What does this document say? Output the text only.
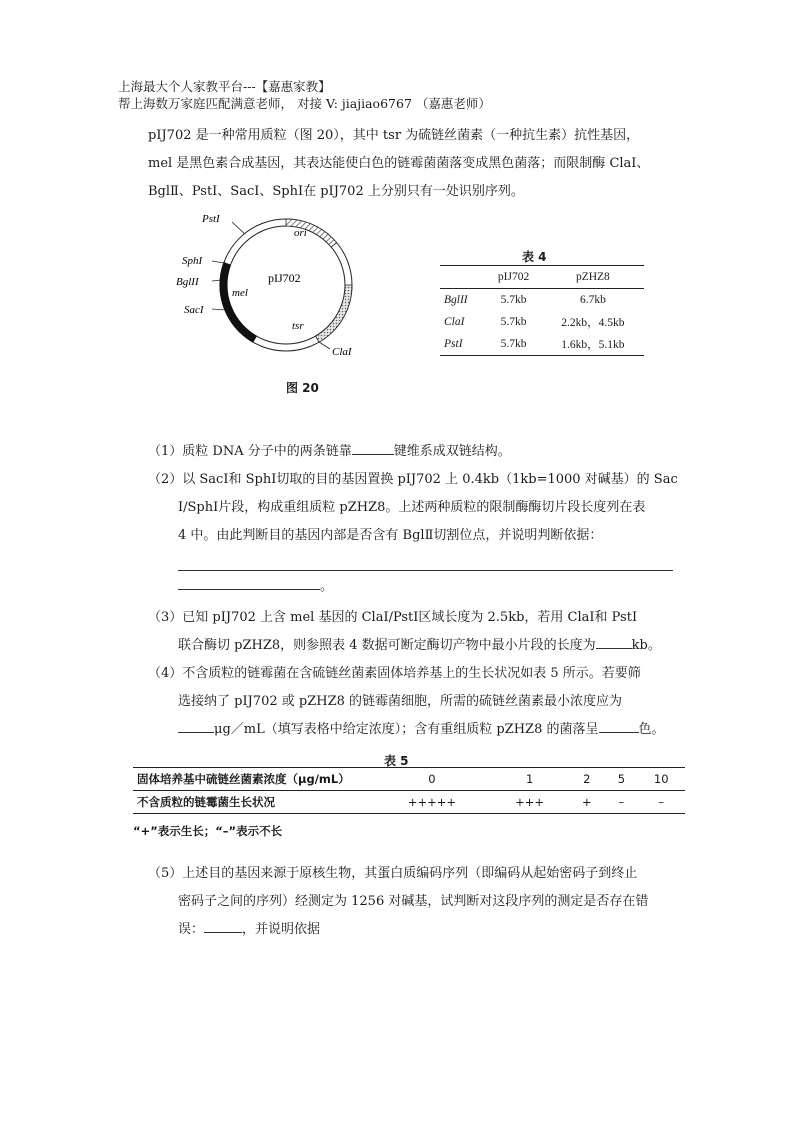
上海最大个人家教平台---【嘉惠家教】
帮上海数万家庭匹配满意老师， 对接 V: jiajiao6767 （嘉惠老师）

pIJ702 是一种常用质粒（图 20），其中 tsr 为硫链丝菌素（一种抗生素）抗性基因，

mel 是黑色素合成基因，其表达能使白色的链霉菌菌落变成黑色菌落；而限制酶 ClaⅠ、

BglⅡ、PstⅠ、SacⅠ、SphⅠ在 pIJ702 上分别只有一处识别序列。

PstI
ori
pIJ702
SphI
BglII
mel
SacI
tsr
ClaI
图 20
表 4
	pIJ702	pZHZ8
BglII	5.7kb	6.7kb
ClaI	5.7kb	2.2kb，4.5kb
PstI	5.7kb	1.6kb，5.1kb

（1）质粒 DNA 分子中的两条链靠	键维系成双链结构。

（2）以 SacⅠ和 SphⅠ切取的目的基因置换 pIJ702 上 0.4kb（1kb=1000 对碱基）的 Sac

Ⅰ/SphⅠ片段，构成重组质粒 pZHZ8。上述两种质粒的限制酶酶切片段长度列在表

4 中。由此判断目的基因内部是否含有 BglⅡ切割位点，并说明判断依据：

。

（3）已知 pIJ702 上含 mel 基因的 ClaⅠ/PstⅠ区域长度为 2.5kb，若用 ClaⅠ和 PstⅠ

联合酶切 pZHZ8，则参照表 4 数据可断定酶切产物中最小片段的长度为	kb。

（4）不含质粒的链霉菌在含硫链丝菌素固体培养基上的生长状况如表 5 所示。若要筛

选接纳了 pIJ702 或 pZHZ8 的链霉菌细胞，所需的硫链丝菌素最小浓度应为

μg／mL（填写表格中给定浓度）；含有重组质粒 pZHZ8 的菌落呈	色。

表 5
固体培养基中硫链丝菌素浓度（μg/mL）	0	1	2	5	10
不含质粒的链霉菌生长状况	+++++	+++	+	–	–
“+”表示生长；“–”表示不长

（5）上述目的基因来源于原核生物，其蛋白质编码序列（即编码从起始密码子到终止

密码子之间的序列）经测定为 1256 对碱基，试判断对这段序列的测定是否存在错

误：	，并说明依据
